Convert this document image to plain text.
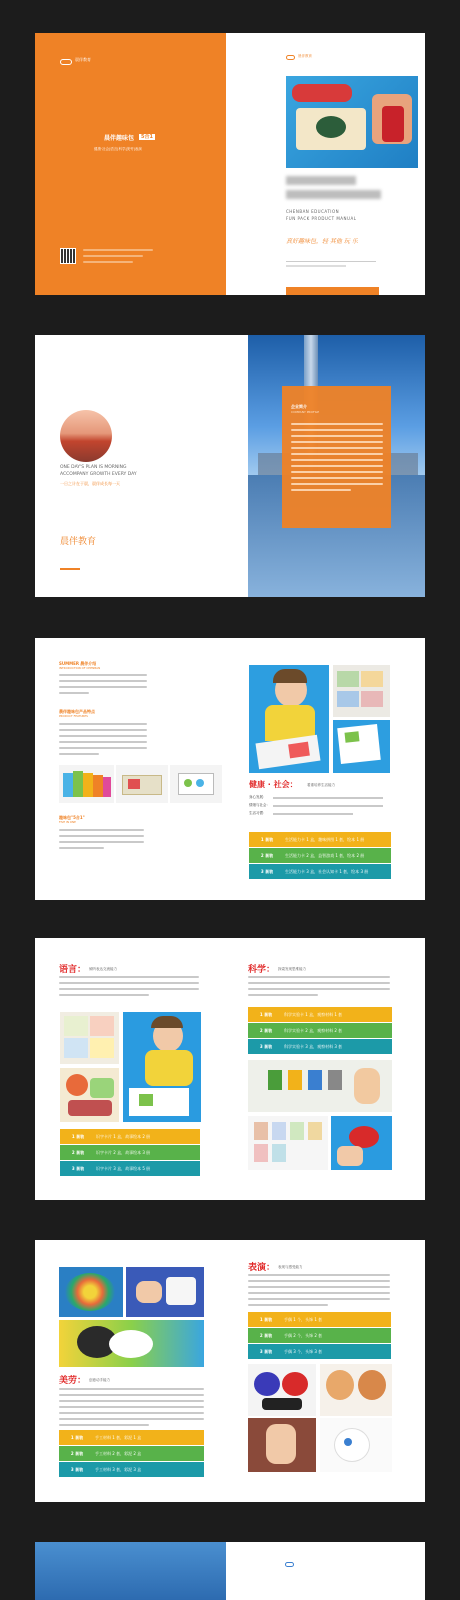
晨伴教育
晨伴趣味包	5合1
健康·社会|语言|科学|美劳|表演
晨伴教育
CHENBAN EDUCATION
FUN PACK PRODUCT MANUAL
真好趣味包，轻 其他 玩 乐
ONE DAY'S PLAN IS MORNING
ACCOMPANY GROWTH EVERY DAY
一日之计在于晨，晨伴成长每一天
晨伴教育
企业简介
COMPANY PROFILE
SUMMER 晨伴介绍
INTRODUCTION OF CHENBAN
晨伴趣味包产品特点
PRODUCT FEATURES
趣味包"5合1"
FIVE IN ONE
健康 · 社会：	着重培养生活能力
身心发展：
情绪与社会：
生活习惯：
1 套装	生活能力卡 1 盒，趣味拼图 1 套，绘本 1 册
2 套装	生活能力卡 2 盒，益智游戏 1 套，绘本 2 册
3 套装	生活能力卡 3 盒，社会认知卡 1 套，绘本 3 册
语言： 倾听表达交流能力
1 套装	识字卡片 1 盒，故事绘本 2 册
2 套装	识字卡片 2 盒，故事绘本 3 册
3 套装	识字卡片 3 盒，故事绘本 5 册
科学： 探索发现思维能力
1 套装	科学实验卡 1 盒，观察材料 1 套
2 套装	科学实验卡 2 盒，观察材料 2 套
3 套装	科学实验卡 3 盒，观察材料 3 套
美劳： 创意动手能力
1 套装	手工材料 1 套，彩泥 1 盒
2 套装	手工材料 2 套，彩泥 2 盒
3 套装	手工材料 3 套，彩泥 3 盒
表演： 表现与感受能力
1 套装	手偶 1 个，头饰 1 套
2 套装	手偶 2 个，头饰 2 套
3 套装	手偶 3 个，头饰 3 套
